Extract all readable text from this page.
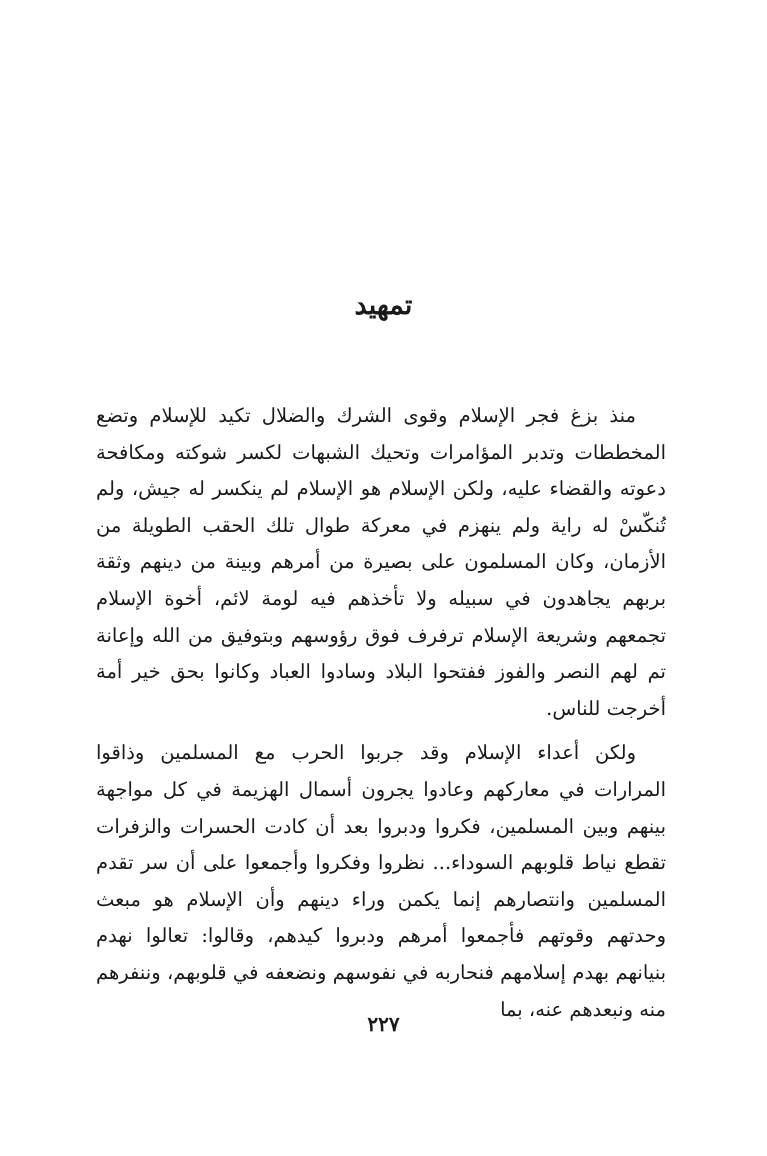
تمهيد

منذ بزغ فجر الإسلام وقوى الشرك والضلال تكيد للإسلام وتضع المخططات وتدبر المؤامرات وتحيك الشبهات لكسر شوكته ومكافحة دعوته والقضاء عليه، ولكن الإسلام هو الإسلام لم ينكسر له جيش، ولم تُنكّسْ له راية ولم ينهزم في معركة طوال تلك الحقب الطويلة من الأزمان، وكان المسلمون على بصيرة من أمرهم وبينة من دينهم وثقة بربهم يجاهدون في سبيله ولا تأخذهم فيه لومة لائم، أخوة الإسلام تجمعهم وشريعة الإسلام ترفرف فوق رؤوسهم وبتوفيق من الله وإعانة تم لهم النصر والفوز ففتحوا البلاد وسادوا العباد وكانوا بحق خير أمة أخرجت للناس.

ولكن أعداء الإسلام وقد جربوا الحرب مع المسلمين وذاقوا المرارات في معاركهم وعادوا يجرون أسمال الهزيمة في كل مواجهة بينهم وبين المسلمين، فكروا ودبروا بعد أن كادت الحسرات والزفرات تقطع نياط قلوبهم السوداء... نظروا وفكروا وأجمعوا على أن سر تقدم المسلمين وانتصارهم إنما يكمن وراء دينهم وأن الإسلام هو مبعث وحدتهم وقوتهم فأجمعوا أمرهم ودبروا كيدهم، وقالوا: تعالوا نهدم بنيانهم بهدم إسلامهم فنحاربه في نفوسهم ونضعفه في قلوبهم، وننفرهم منه ونبعدهم عنه، بما

٢٢٧
